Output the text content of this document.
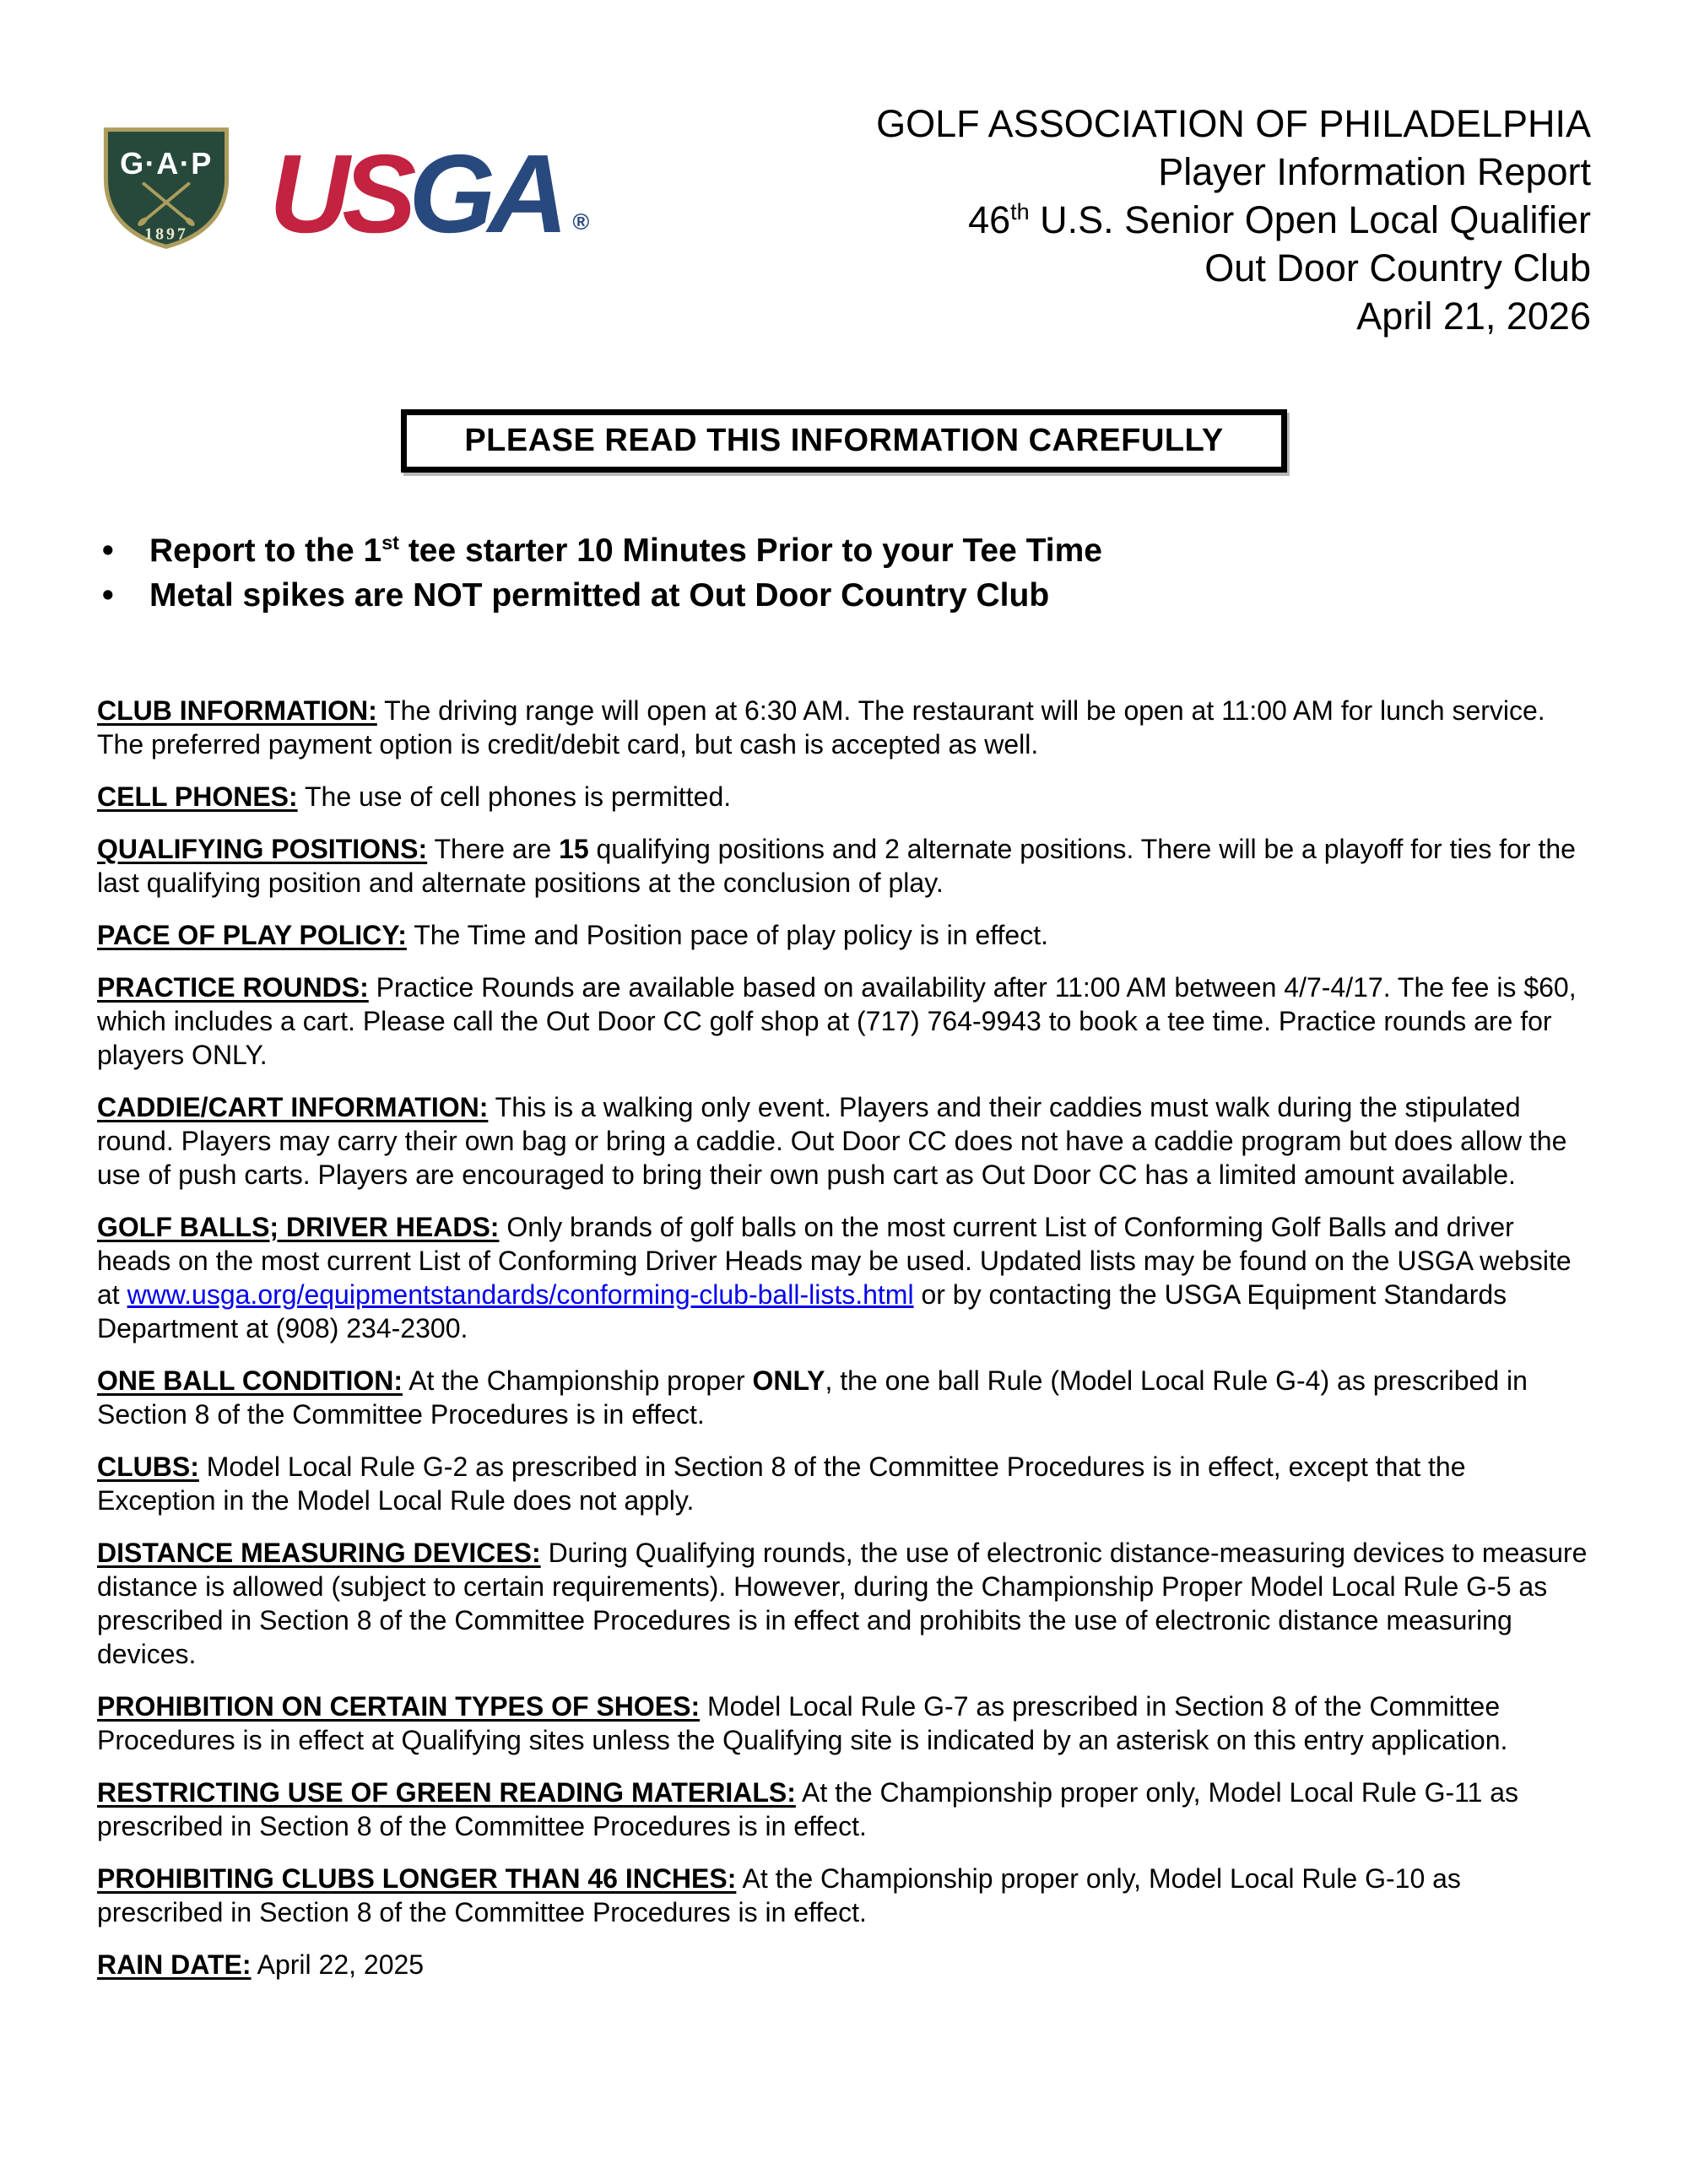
G·A·P
1897 USGA ®
GOLF ASSOCIATION OF PHILADELPHIA
Player Information Report
46th U.S. Senior Open Local Qualifier
Out Door Country Club
April 21, 2026
PLEASE READ THIS INFORMATION CAREFULLY
• Report to the 1st tee starter 10 Minutes Prior to your Tee Time
• Metal spikes are NOT permitted at Out Door Country Club

CLUB INFORMATION: The driving range will open at 6:30 AM. The restaurant will be open at 11:00 AM for lunch service. The preferred payment option is credit/debit card, but cash is accepted as well.

CELL PHONES: The use of cell phones is permitted.

QUALIFYING POSITIONS: There are 15 qualifying positions and 2 alternate positions. There will be a playoff for ties for the last qualifying position and alternate positions at the conclusion of play.

PACE OF PLAY POLICY: The Time and Position pace of play policy is in effect.

PRACTICE ROUNDS: Practice Rounds are available based on availability after 11:00 AM between 4/7-4/17. The fee is $60, which includes a cart. Please call the Out Door CC golf shop at (717) 764-9943 to book a tee time. Practice rounds are for players ONLY.

CADDIE/CART INFORMATION: This is a walking only event. Players and their caddies must walk during the stipulated round. Players may carry their own bag or bring a caddie. Out Door CC does not have a caddie program but does allow the use of push carts. Players are encouraged to bring their own push cart as Out Door CC has a limited amount available.

GOLF BALLS; DRIVER HEADS: Only brands of golf balls on the most current List of Conforming Golf Balls and driver heads on the most current List of Conforming Driver Heads may be used. Updated lists may be found on the USGA website at www.usga.org/equipmentstandards/conforming-club-ball-lists.html or by contacting the USGA Equipment Standards Department at (908) 234-2300.

ONE BALL CONDITION: At the Championship proper ONLY, the one ball Rule (Model Local Rule G-4) as prescribed in Section 8 of the Committee Procedures is in effect.

CLUBS: Model Local Rule G-2 as prescribed in Section 8 of the Committee Procedures is in effect, except that the Exception in the Model Local Rule does not apply.

DISTANCE MEASURING DEVICES: During Qualifying rounds, the use of electronic distance-measuring devices to measure distance is allowed (subject to certain requirements). However, during the Championship Proper Model Local Rule G-5 as prescribed in Section 8 of the Committee Procedures is in effect and prohibits the use of electronic distance measuring devices.

PROHIBITION ON CERTAIN TYPES OF SHOES: Model Local Rule G-7 as prescribed in Section 8 of the Committee Procedures is in effect at Qualifying sites unless the Qualifying site is indicated by an asterisk on this entry application.

RESTRICTING USE OF GREEN READING MATERIALS: At the Championship proper only, Model Local Rule G-11 as prescribed in Section 8 of the Committee Procedures is in effect.

PROHIBITING CLUBS LONGER THAN 46 INCHES: At the Championship proper only, Model Local Rule G-10 as prescribed in Section 8 of the Committee Procedures is in effect.

RAIN DATE: April 22, 2025
